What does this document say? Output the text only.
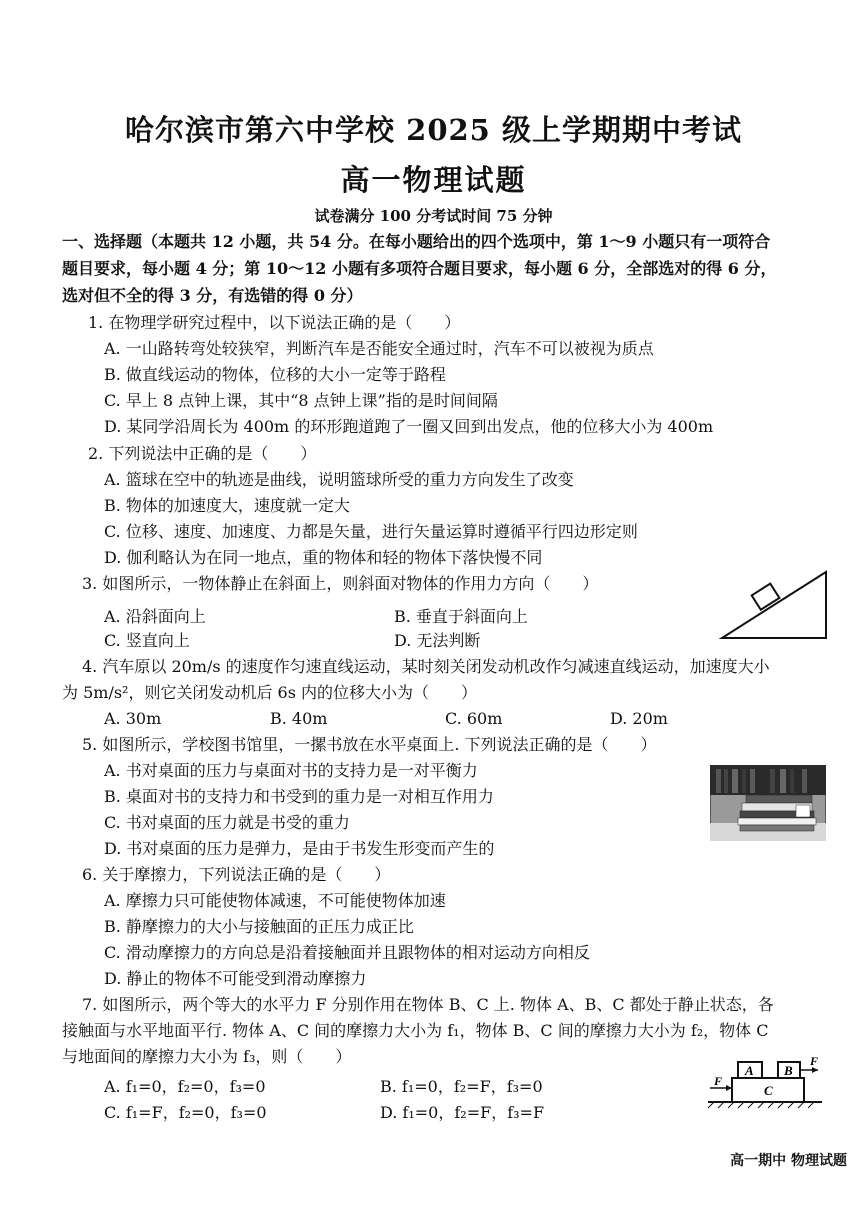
哈尔滨市第六中学校 2025 级上学期期中考试
高一物理试题
试卷满分 100 分考试时间 75 分钟
一、选择题（本题共 12 小题，共 54 分。在每小题给出的四个选项中，第 1～9 小题只有一项符合
题目要求，每小题 4 分；第 10～12 小题有多项符合题目要求，每小题 6 分，全部选对的得 6 分，
选对但不全的得 3 分，有选错的得 0 分）
1. 在物理学研究过程中，以下说法正确的是（　　）
A. 一山路转弯处较狭窄，判断汽车是否能安全通过时，汽车不可以被视为质点
B. 做直线运动的物体，位移的大小一定等于路程
C. 早上 8 点钟上课，其中“8 点钟上课”指的是时间间隔
D. 某同学沿周长为 400m 的环形跑道跑了一圈又回到出发点，他的位移大小为 400m
2. 下列说法中正确的是（　　）
A. 篮球在空中的轨迹是曲线，说明篮球所受的重力方向发生了改变
B. 物体的加速度大，速度就一定大
C. 位移、速度、加速度、力都是矢量，进行矢量运算时遵循平行四边形定则
D. 伽利略认为在同一地点，重的物体和轻的物体下落快慢不同
3. 如图所示，一物体静止在斜面上，则斜面对物体的作用力方向（　　）
A. 沿斜面向上	B. 垂直于斜面向上
C. 竖直向上	D. 无法判断
4. 汽车原以 20m/s 的速度作匀速直线运动，某时刻关闭发动机改作匀减速直线运动，加速度大小
为 5m/s²，则它关闭发动机后 6s 内的位移大小为（　　）
A. 30m	B. 40m	C. 60m	D. 20m
5. 如图所示，学校图书馆里，一摞书放在水平桌面上. 下列说法正确的是（　　）
A. 书对桌面的压力与桌面对书的支持力是一对平衡力
B. 桌面对书的支持力和书受到的重力是一对相互作用力
C. 书对桌面的压力就是书受的重力
D. 书对桌面的压力是弹力，是由于书发生形变而产生的
6. 关于摩擦力，下列说法正确的是（　　）
A. 摩擦力只可能使物体减速，不可能使物体加速
B. 静摩擦力的大小与接触面的正压力成正比
C. 滑动摩擦力的方向总是沿着接触面并且跟物体的相对运动方向相反
D. 静止的物体不可能受到滑动摩擦力
7. 如图所示，两个等大的水平力 F 分别作用在物体 B、C 上. 物体 A、B、C 都处于静止状态，各
接触面与水平地面平行. 物体 A、C 间的摩擦力大小为 f₁，物体 B、C 间的摩擦力大小为 f₂，物体 C
与地面间的摩擦力大小为 f₃，则（　　）
A. f₁=0，f₂=0，f₃=0	B. f₁=0，f₂=F，f₃=0
C. f₁=F，f₂=0，f₃=0	D. f₁=0，f₂=F，f₃=F
C
A B
F
F
高一期中 物理试题
